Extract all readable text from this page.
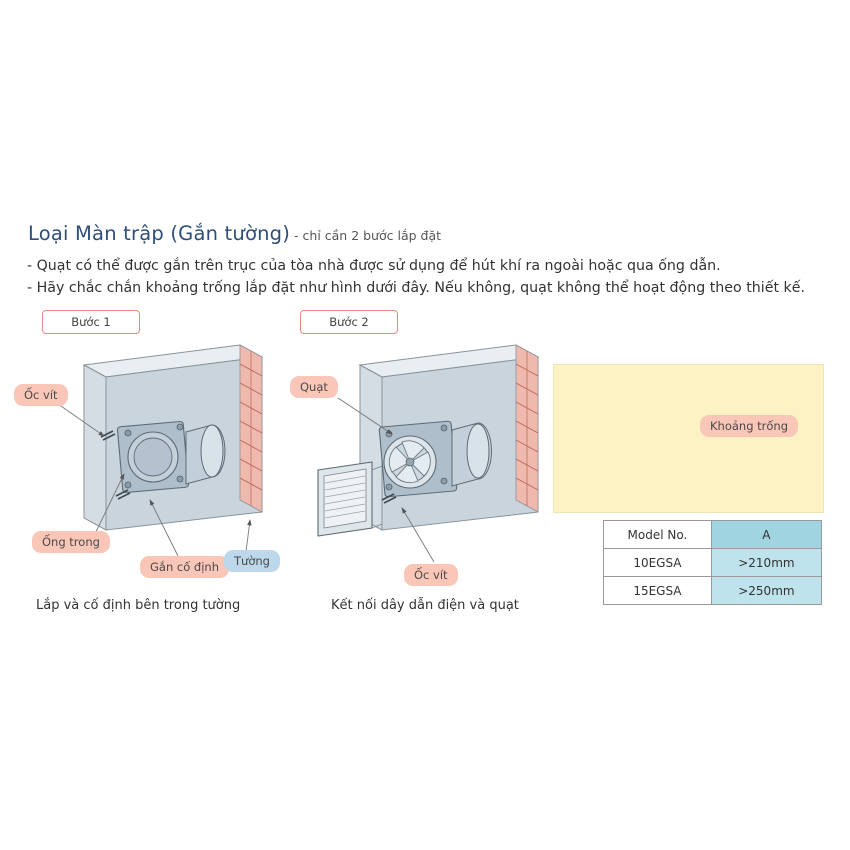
Loại Màn trập (Gắn tường) - chỉ cần 2 bước lắp đặt
- Quạt có thể được gắn trên trục của tòa nhà được sử dụng để hút khí ra ngoài hoặc qua ống dẫn.
- Hãy chắc chắn khoảng trống lắp đặt như hình dưới đây. Nếu không, quạt không thể hoạt động theo thiết kế.
Bước 1	Bước 2
Ốc vít
Ống trong
Gắn cố định	Tường
Quạt
Ốc vít
Khoảng trống
Lắp và cố định bên trong tường	Kết nối dây dẫn điện và quạt
Model No.	A
10EGSA	>210mm
15EGSA	>250mm
